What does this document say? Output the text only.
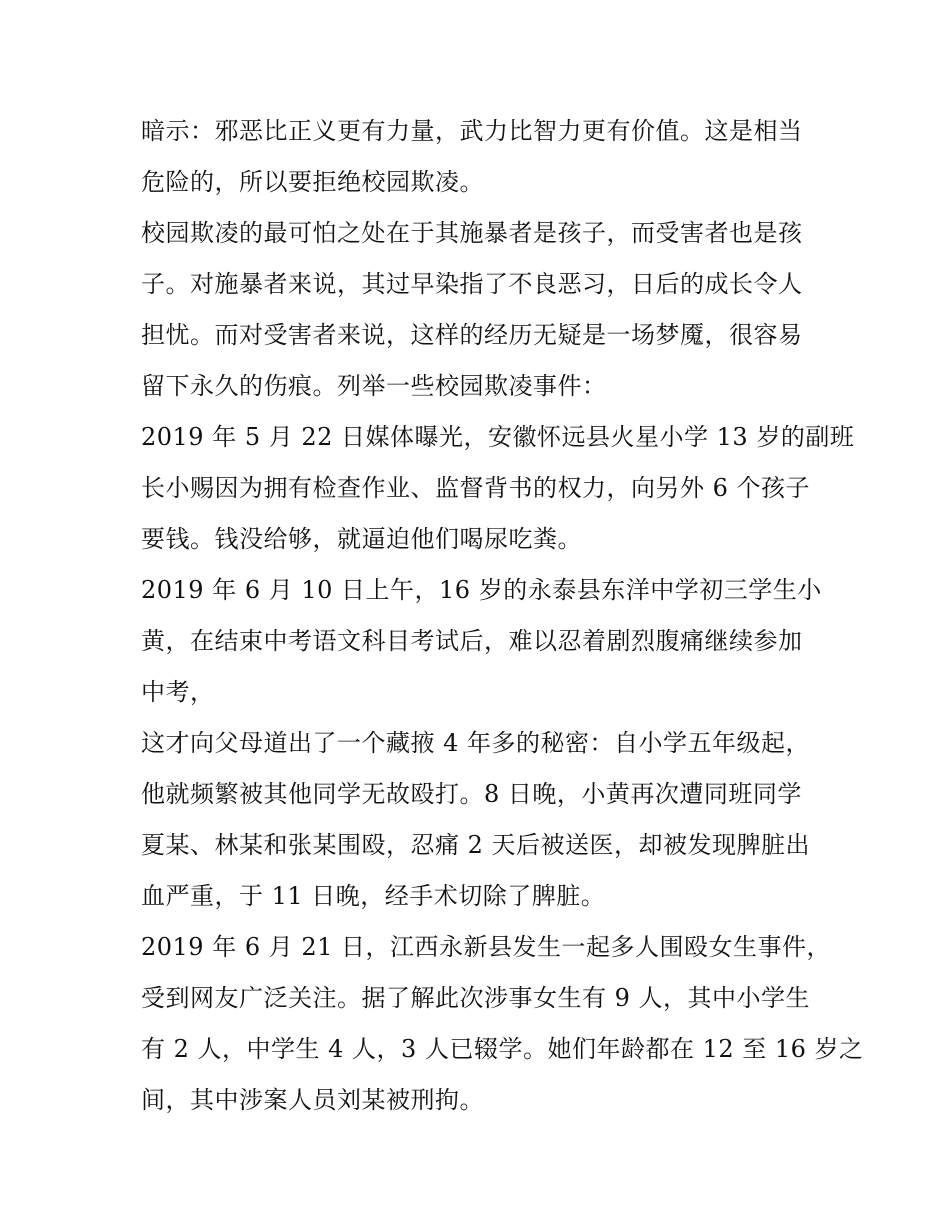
暗示：邪恶比正义更有力量，武力比智力更有价值。这是相当
危险的，所以要拒绝校园欺凌。
校园欺凌的最可怕之处在于其施暴者是孩子，而受害者也是孩
子。对施暴者来说，其过早染指了不良恶习，日后的成长令人
担忧。而对受害者来说，这样的经历无疑是一场梦魇，很容易
留下永久的伤痕。列举一些校园欺凌事件：
2019 年 5 月 22 日媒体曝光，安徽怀远县火星小学 13 岁的副班
长小赐因为拥有检查作业、监督背书的权力，向另外 6 个孩子
要钱。钱没给够，就逼迫他们喝尿吃粪。
2019 年 6 月 10 日上午，16 岁的永泰县东洋中学初三学生小
黄，在结束中考语文科目考试后，难以忍着剧烈腹痛继续参加
中考，
这才向父母道出了一个藏掖 4 年多的秘密：自小学五年级起，
他就频繁被其他同学无故殴打。8 日晚，小黄再次遭同班同学
夏某、林某和张某围殴，忍痛 2 天后被送医，却被发现脾脏出
血严重，于 11 日晚，经手术切除了脾脏。
2019 年 6 月 21 日，江西永新县发生一起多人围殴女生事件，
受到网友广泛关注。据了解此次涉事女生有 9 人，其中小学生
有 2 人，中学生 4 人，3 人已辍学。她们年龄都在 12 至 16 岁之
间，其中涉案人员刘某被刑拘。
